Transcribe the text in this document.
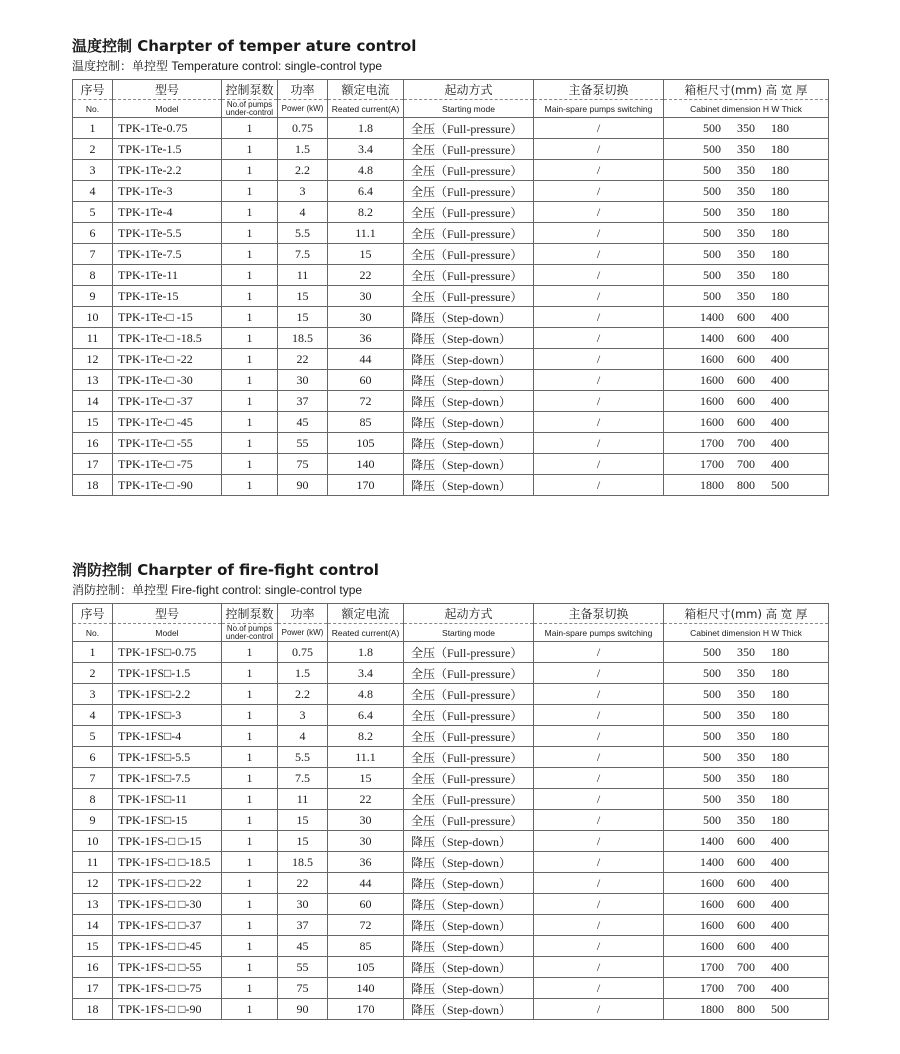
温度控制 Charpter of temper ature control
温度控制：单控型 Temperature control: single-control type
序号	型号	控制泵数	功率	额定电流	起动方式	主备泵切换	箱柜尺寸(mm) 高 宽 厚
No.	Model	No.of pumps under-control	Power (kW)	Reated current(A)	Starting mode	Main-spare pumps switching	Cabinet dimension H W Thick
1	TPK-1Te-0.75	1	0.75	1.8	全压（Full-pressure）	/	500 350 180
2	TPK-1Te-1.5	1	1.5	3.4	全压（Full-pressure）	/	500 350 180
3	TPK-1Te-2.2	1	2.2	4.8	全压（Full-pressure）	/	500 350 180
4	TPK-1Te-3	1	3	6.4	全压（Full-pressure）	/	500 350 180
5	TPK-1Te-4	1	4	8.2	全压（Full-pressure）	/	500 350 180
6	TPK-1Te-5.5	1	5.5	11.1	全压（Full-pressure）	/	500 350 180
7	TPK-1Te-7.5	1	7.5	15	全压（Full-pressure）	/	500 350 180
8	TPK-1Te-11	1	11	22	全压（Full-pressure）	/	500 350 180
9	TPK-1Te-15	1	15	30	全压（Full-pressure）	/	500 350 180
10	TPK-1Te-□ -15	1	15	30	降压（Step-down）	/	1400 600 400
11	TPK-1Te-□ -18.5	1	18.5	36	降压（Step-down）	/	1400 600 400
12	TPK-1Te-□ -22	1	22	44	降压（Step-down）	/	1600 600 400
13	TPK-1Te-□ -30	1	30	60	降压（Step-down）	/	1600 600 400
14	TPK-1Te-□ -37	1	37	72	降压（Step-down）	/	1600 600 400
15	TPK-1Te-□ -45	1	45	85	降压（Step-down）	/	1600 600 400
16	TPK-1Te-□ -55	1	55	105	降压（Step-down）	/	1700 700 400
17	TPK-1Te-□ -75	1	75	140	降压（Step-down）	/	1700 700 400
18	TPK-1Te-□ -90	1	90	170	降压（Step-down）	/	1800 800 500
消防控制 Charpter of fire-fight control
消防控制：单控型 Fire-fight control: single-control type
序号	型号	控制泵数	功率	额定电流	起动方式	主备泵切换	箱柜尺寸(mm) 高 宽 厚
No.	Model	No.of pumps under-control	Power (kW)	Reated current(A)	Starting mode	Main-spare pumps switching	Cabinet dimension H W Thick
1	TPK-1FS□-0.75	1	0.75	1.8	全压（Full-pressure）	/	500 350 180
2	TPK-1FS□-1.5	1	1.5	3.4	全压（Full-pressure）	/	500 350 180
3	TPK-1FS□-2.2	1	2.2	4.8	全压（Full-pressure）	/	500 350 180
4	TPK-1FS□-3	1	3	6.4	全压（Full-pressure）	/	500 350 180
5	TPK-1FS□-4	1	4	8.2	全压（Full-pressure）	/	500 350 180
6	TPK-1FS□-5.5	1	5.5	11.1	全压（Full-pressure）	/	500 350 180
7	TPK-1FS□-7.5	1	7.5	15	全压（Full-pressure）	/	500 350 180
8	TPK-1FS□-11	1	11	22	全压（Full-pressure）	/	500 350 180
9	TPK-1FS□-15	1	15	30	全压（Full-pressure）	/	500 350 180
10	TPK-1FS-□ □-15	1	15	30	降压（Step-down）	/	1400 600 400
11	TPK-1FS-□ □-18.5	1	18.5	36	降压（Step-down）	/	1400 600 400
12	TPK-1FS-□ □-22	1	22	44	降压（Step-down）	/	1600 600 400
13	TPK-1FS-□ □-30	1	30	60	降压（Step-down）	/	1600 600 400
14	TPK-1FS-□ □-37	1	37	72	降压（Step-down）	/	1600 600 400
15	TPK-1FS-□ □-45	1	45	85	降压（Step-down）	/	1600 600 400
16	TPK-1FS-□ □-55	1	55	105	降压（Step-down）	/	1700 700 400
17	TPK-1FS-□ □-75	1	75	140	降压（Step-down）	/	1700 700 400
18	TPK-1FS-□ □-90	1	90	170	降压（Step-down）	/	1800 800 500
